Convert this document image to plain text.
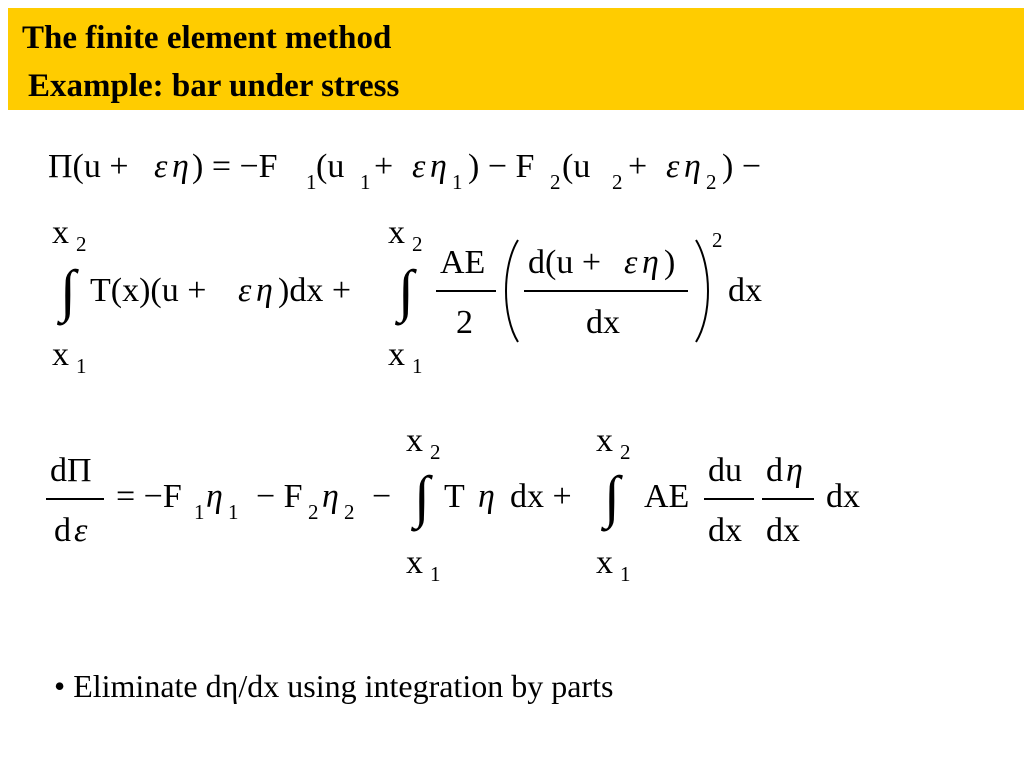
The finite element method
Example: bar under stress
Π(u + ε η ) = −F 1 (u 1 + ε η 1 ) − F 2 (u 2 + ε η 2 ) −
x 2
∫
x 1
T(x)(u + ε η )dx +
x 2
∫
x 1
AE
2
d(u + ε η )
dx
2
dx
dΠ
d ε
= −F 1 η 1 − F 2 η 2 −
x 2
∫
x 1
T η dx +
x 2
∫
x 1
AE
du
dx
d η
dx
dx
• Eliminate dη/dx using integration by parts
